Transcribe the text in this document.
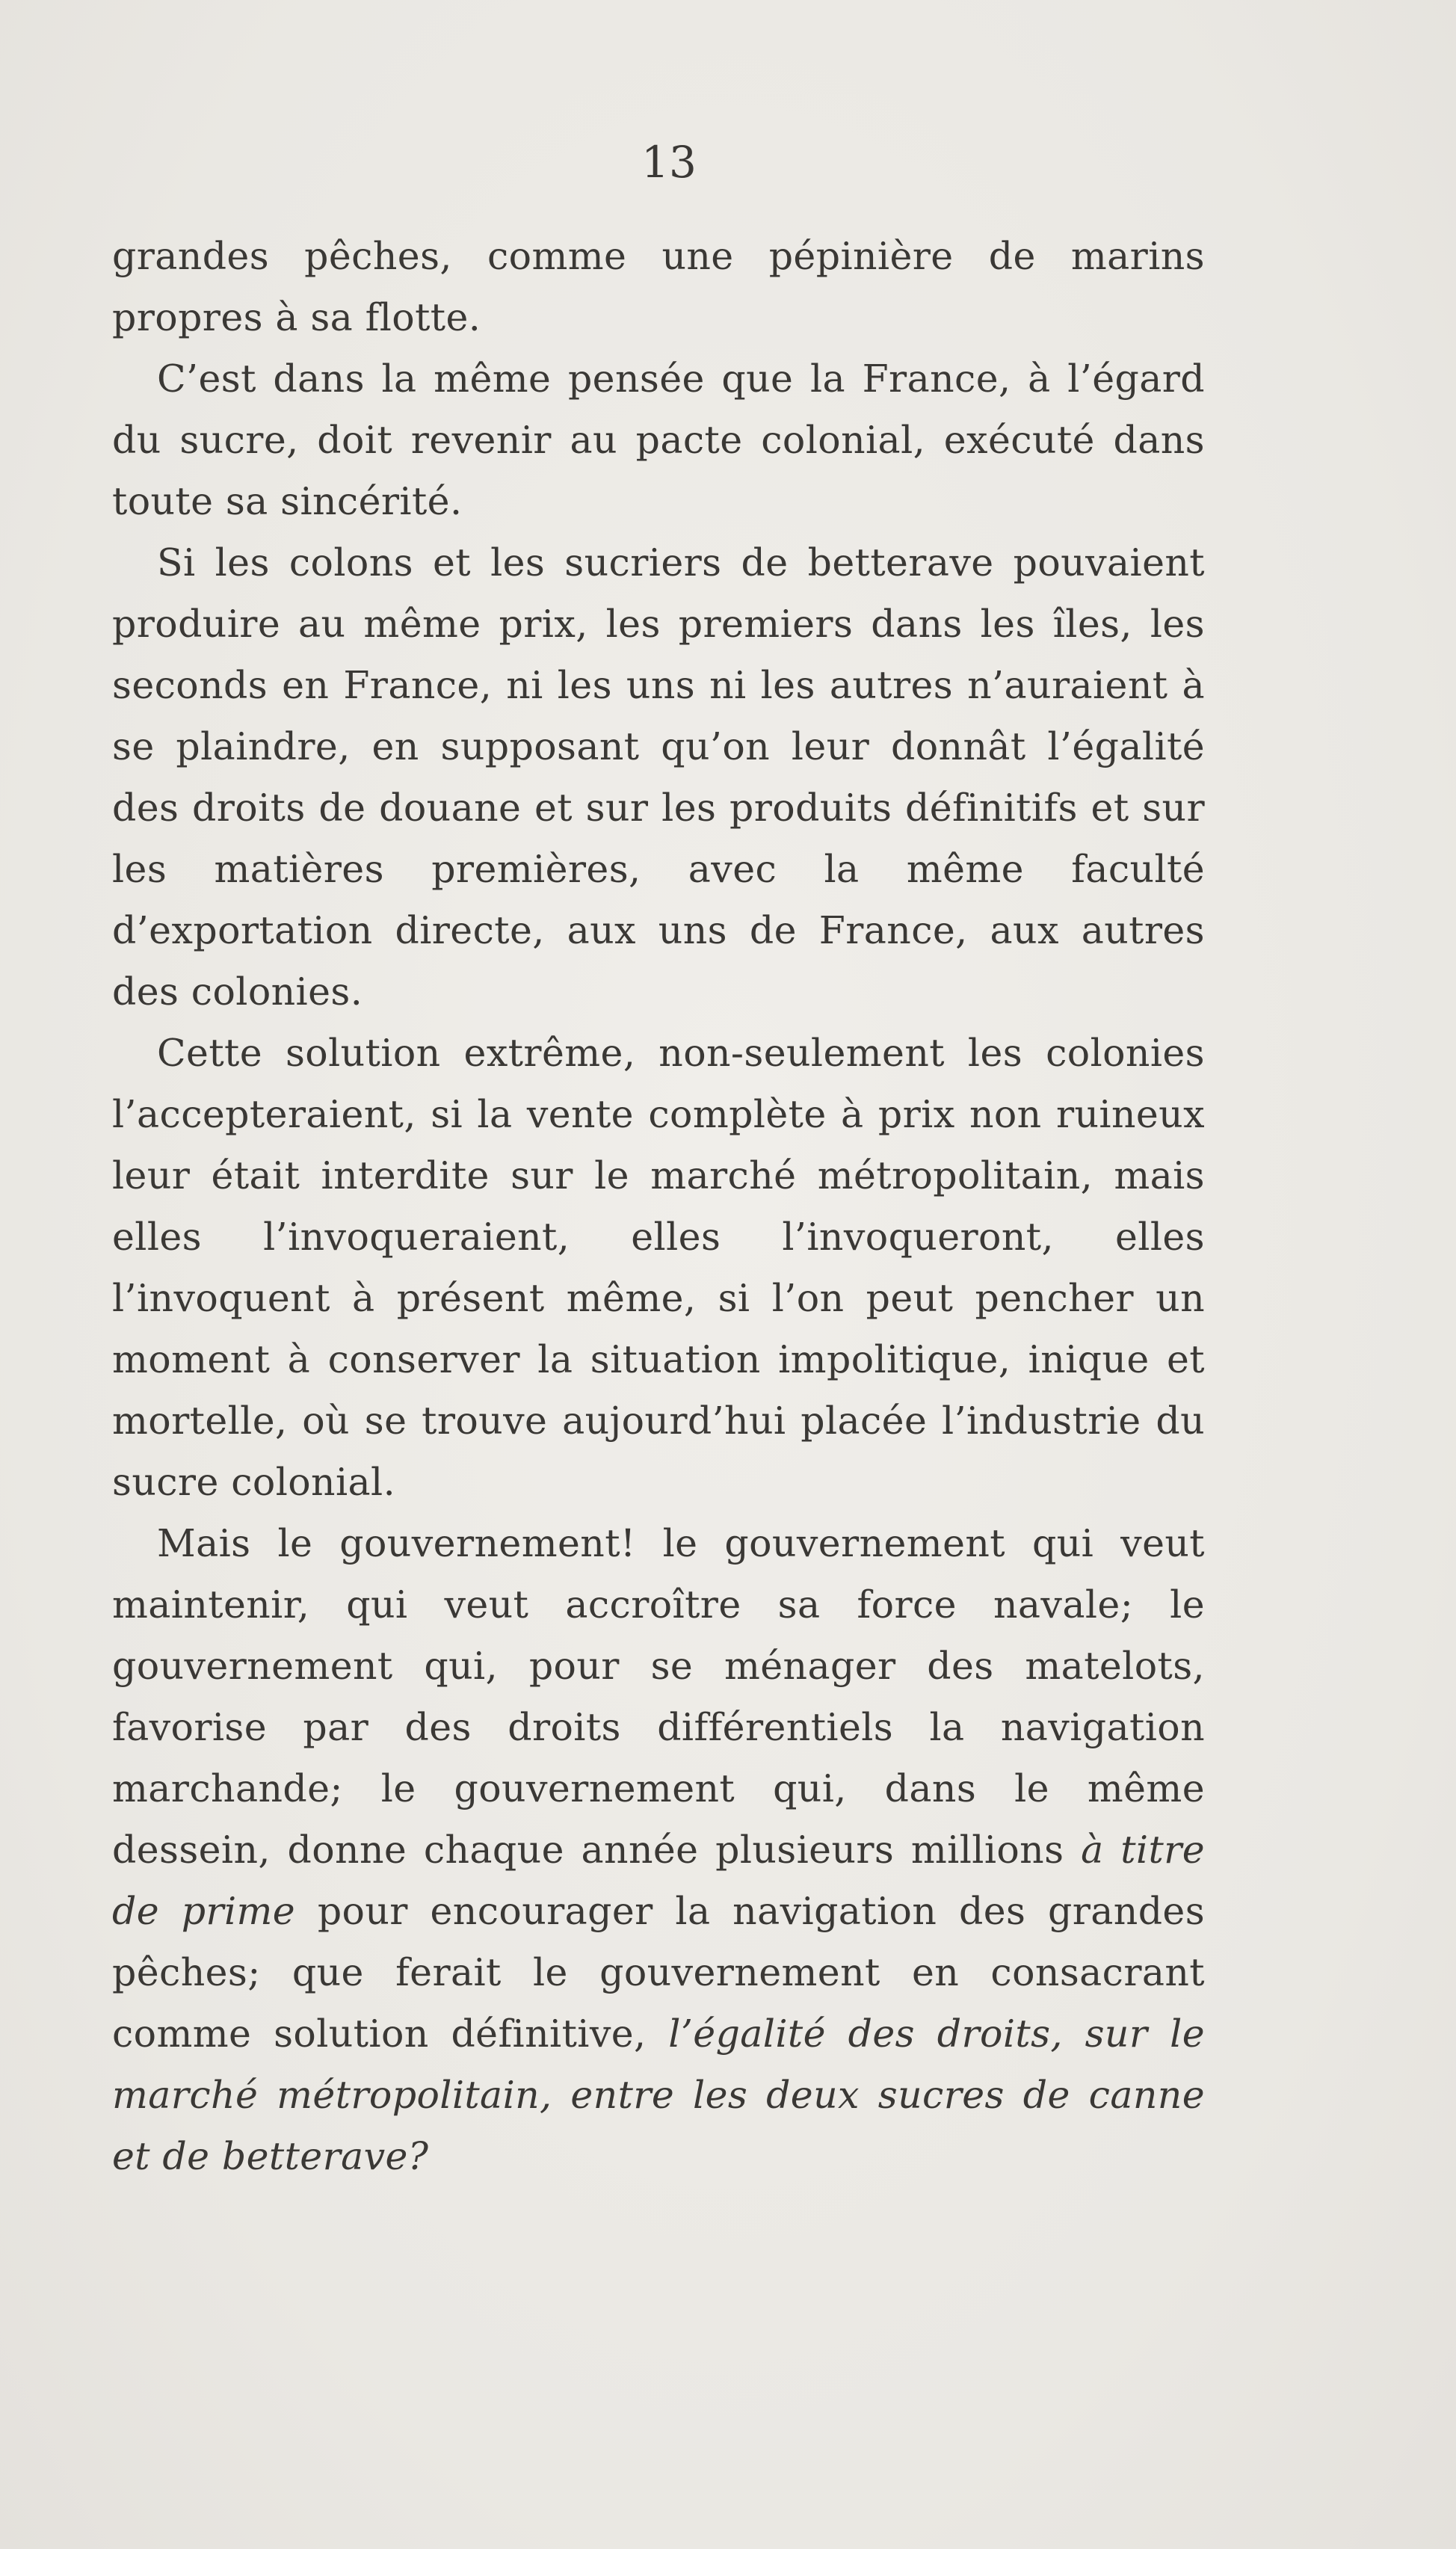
13

grandes pêches, comme une pépinière de marins propres à sa flotte.

C’est dans la même pensée que la France, à l’égard du sucre, doit revenir au pacte colonial, exécuté dans toute sa sincérité.

Si les colons et les sucriers de betterave pouvaient produire au même prix, les premiers dans les îles, les seconds en France, ni les uns ni les autres n’auraient à se plaindre, en supposant qu’on leur donnât l’égalité des droits de douane et sur les produits définitifs et sur les matières premières, avec la même faculté d’exportation directe, aux uns de France, aux autres des colonies.

Cette solution extrême, non-seulement les colonies l’accepteraient, si la vente complète à prix non ruineux leur était interdite sur le marché métropolitain, mais elles l’invoqueraient, elles l’invoqueront, elles l’invoquent à présent même, si l’on peut pencher un moment à conserver la situation impolitique, inique et mortelle, où se trouve aujourd’hui placée l’industrie du sucre colonial.

Mais le gouvernement! le gouvernement qui veut maintenir, qui veut accroître sa force navale; le gouvernement qui, pour se ménager des matelots, favorise par des droits différentiels la navigation marchande; le gouvernement qui, dans le même dessein, donne chaque année plusieurs millions à titre de prime pour encourager la navigation des grandes pêches; que ferait le gouvernement en consacrant comme solution définitive, l’égalité des droits, sur le marché métropolitain, entre les deux sucres de canne et de betterave?
